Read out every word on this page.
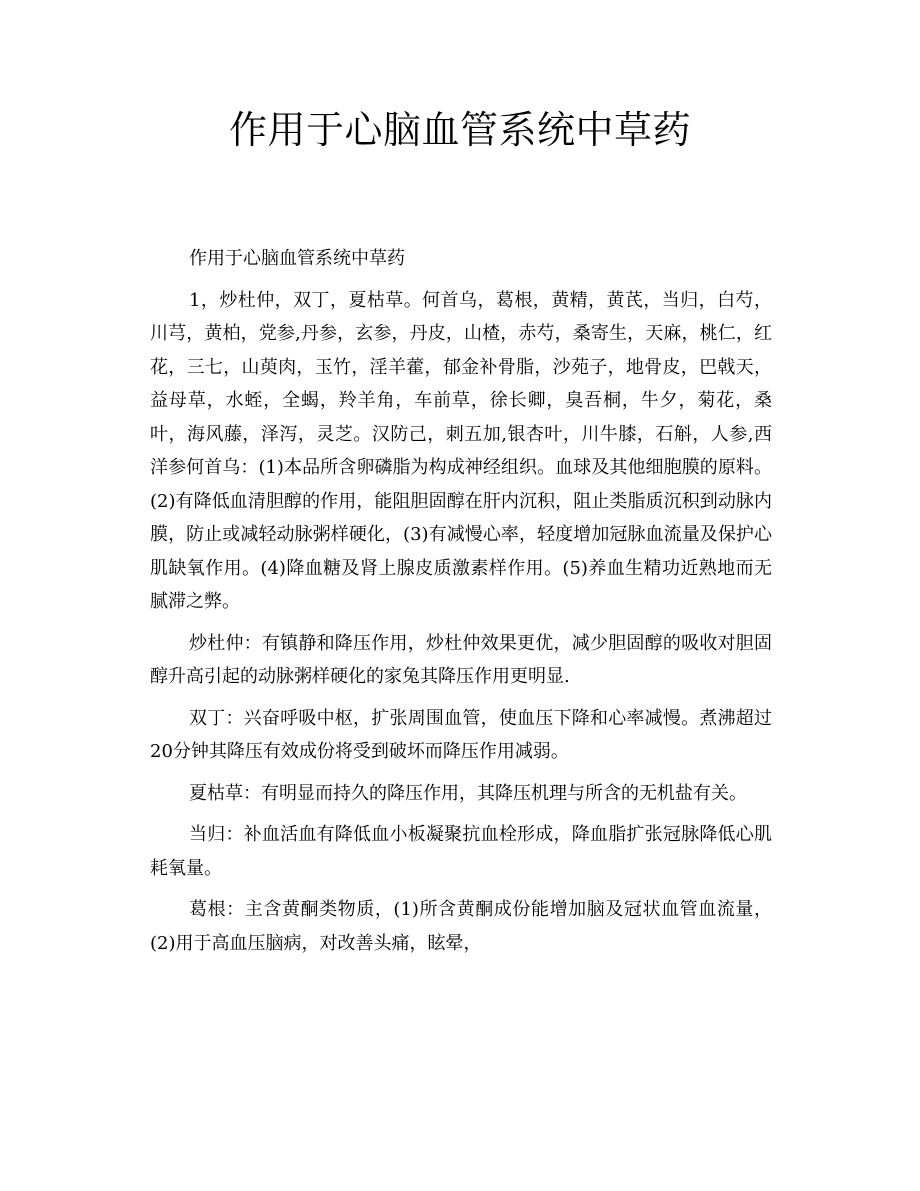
作用于心脑血管系统中草药

作用于心脑血管系统中草药

1，炒杜仲，双丁，夏枯草。何首乌，葛根，黄精，黄芪，当归，白芍，川芎，黄柏，党参,丹参，玄参，丹皮，山楂，赤芍，桑寄生，天麻，桃仁，红花，三七，山萸肉，玉竹，淫羊藿，郁金补骨脂，沙苑子，地骨皮，巴戟天，益母草，水蛭，全蝎，羚羊角，车前草，徐长卿，臭吾桐，牛夕，菊花，桑叶，海风藤，泽泻，灵芝。汉防己，刺五加,银杏叶，川牛膝，石斛，人参,西洋参何首乌：(1)本品所含卵磷脂为构成神经组织。血球及其他细胞膜的原料。(2)有降低血清胆醇的作用，能阻胆固醇在肝内沉积，阻止类脂质沉积到动脉内膜，防止或减轻动脉粥样硬化，(3)有减慢心率，轻度增加冠脉血流量及保护心肌缺氧作用。(4)降血糖及肾上腺皮质激素样作用。(5)养血生精功近熟地而无腻滞之弊。

炒杜仲：有镇静和降压作用，炒杜仲效果更优，减少胆固醇的吸收对胆固醇升高引起的动脉粥样硬化的家兔其降压作用更明显.

双丁：兴奋呼吸中枢，扩张周围血管，使血压下降和心率减慢。煮沸超过20分钟其降压有效成份将受到破坏而降压作用减弱。

夏枯草：有明显而持久的降压作用，其降压机理与所含的无机盐有关。

当归：补血活血有降低血小板凝聚抗血栓形成，降血脂扩张冠脉降低心肌耗氧量。

葛根：主含黄酮类物质，(1)所含黄酮成份能增加脑及冠状血管血流量，(2)用于高血压脑病，对改善头痛，眩晕，
